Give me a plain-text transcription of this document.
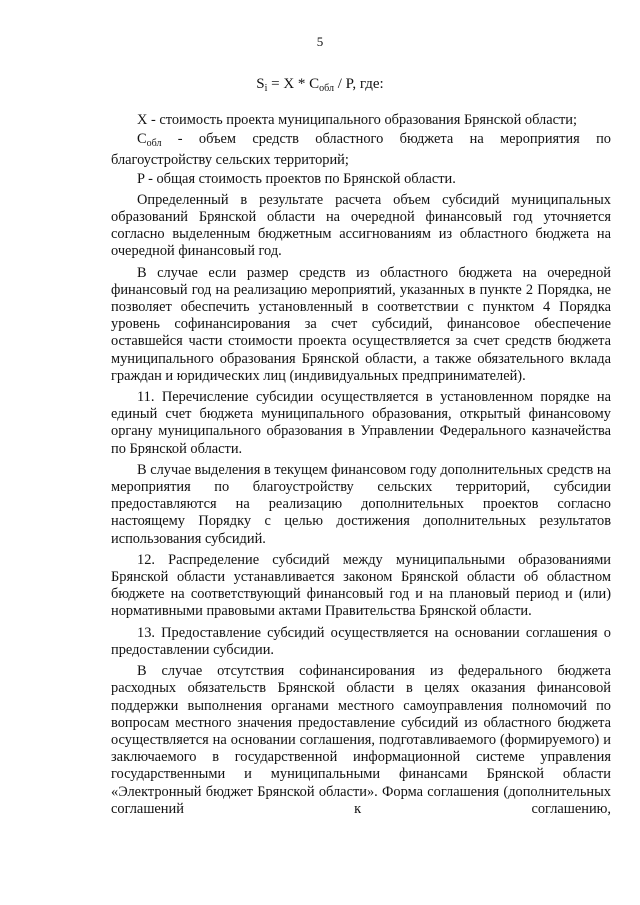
5
$S_i = X * C_{обл} / P$, где:

X - стоимость проекта муниципального образования Брянской области;

$С_{обл}$ - объем средств областного бюджета на мероприятия по благоустройству сельских территорий;

P - общая стоимость проектов по Брянской области.

Определенный в результате расчета объем субсидий муниципальных образований Брянской области на очередной финансовый год уточняется согласно выделенным бюджетным ассигнованиям из областного бюджета на очередной финансовый год.

В случае если размер средств из областного бюджета на очередной финансовый год на реализацию мероприятий, указанных в пункте 2 Порядка, не позволяет обеспечить установленный в соответствии с пунктом 4 Порядка уровень софинансирования за счет субсидий, финансовое обеспечение оставшейся части стоимости проекта осуществляется за счет средств бюджета муниципального образования Брянской области, а также обязательного вклада граждан и юридических лиц (индивидуальных предпринимателей).

11. Перечисление субсидии осуществляется в установленном порядке на единый счет бюджета муниципального образования, открытый финансовому органу муниципального образования в Управлении Федерального казначейства по Брянской области.

В случае выделения в текущем финансовом году дополнительных средств на мероприятия по благоустройству сельских территорий, субсидии предоставляются на реализацию дополнительных проектов согласно настоящему Порядку с целью достижения дополнительных результатов использования субсидий.

12. Распределение субсидий между муниципальными образованиями Брянской области устанавливается законом Брянской области об областном бюджете на соответствующий финансовый год и на плановый период и (или) нормативными правовыми актами Правительства Брянской области.

13. Предоставление субсидий осуществляется на основании соглашения о предоставлении субсидии.

В случае отсутствия софинансирования из федерального бюджета расходных обязательств Брянской области в целях оказания финансовой поддержки выполнения органами местного самоуправления полномочий по вопросам местного значения предоставление субсидий из областного бюджета осуществляется на основании соглашения, подготавливаемого (формируемого) и заключаемого в государственной информационной системе управления государственными и муниципальными финансами Брянской области «Электронный бюджет Брянской области». Форма соглашения (дополнительных соглашений к соглашению,
